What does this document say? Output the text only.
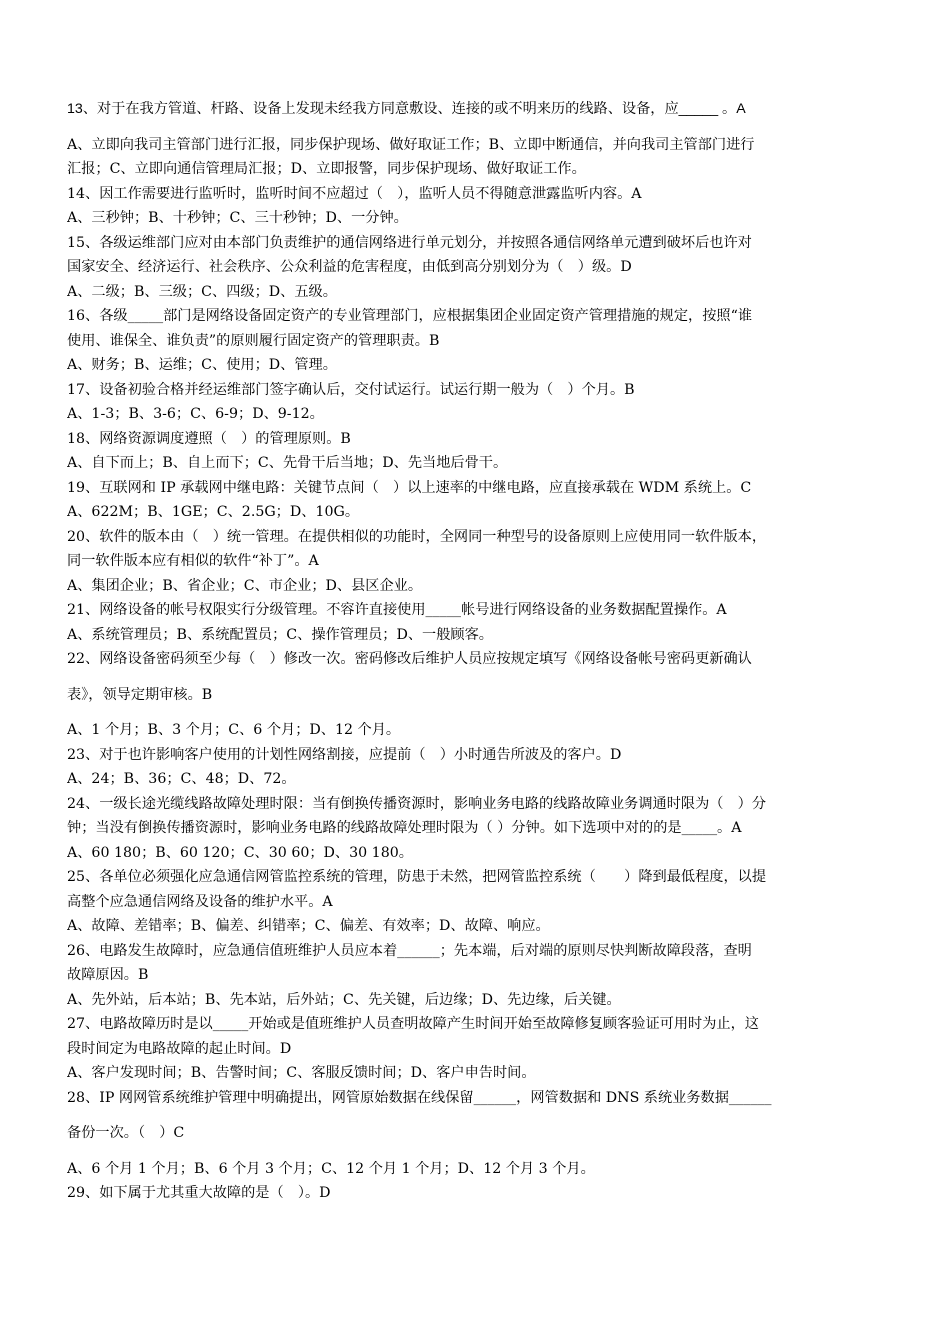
13、对于在我方管道、杆路、设备上发现未经我方同意敷设、连接的或不明来历的线路、设备，应_____ 。A
A、立即向我司主管部门进行汇报，同步保护现场、做好取证工作；B、立即中断通信，并向我司主管部门进行
汇报；C、立即向通信管理局汇报；D、立即报警，同步保护现场、做好取证工作。
14、因工作需要进行监听时，监听时间不应超过（　），监听人员不得随意泄露监听内容。A
A、三秒钟；B、十秒钟；C、三十秒钟；D、一分钟。
15、各级运维部门应对由本部门负责维护的通信网络进行单元划分，并按照各通信网络单元遭到破坏后也许对
国家安全、经济运行、社会秩序、公众利益的危害程度，由低到高分别划分为（　）级。D
A、二级；B、三级；C、四级；D、五级。
16、各级_____部门是网络设备固定资产的专业管理部门，应根据集团企业固定资产管理措施的规定，按照“谁
使用、谁保全、谁负责”的原则履行固定资产的管理职责。B
A、财务；B、运维；C、使用；D、管理。
17、设备初验合格并经运维部门签字确认后，交付试运行。试运行期一般为（　）个月。B
A、1-3；B、3-6；C、6-9；D、9-12。
18、网络资源调度遵照（　）的管理原则。B
A、自下而上；B、自上而下；C、先骨干后当地；D、先当地后骨干。
19、互联网和 IP 承载网中继电路：关键节点间（　）以上速率的中继电路，应直接承载在 WDM 系统上。C
A、622M；B、1GE；C、2.5G；D、10G。
20、软件的版本由（　）统一管理。在提供相似的功能时，全网同一种型号的设备原则上应使用同一软件版本，
同一软件版本应有相似的软件“补丁”。A
A、集团企业；B、省企业；C、市企业；D、县区企业。
21、网络设备的帐号权限实行分级管理。不容许直接使用_____帐号进行网络设备的业务数据配置操作。A
A、系统管理员；B、系统配置员；C、操作管理员；D、一般顾客。
22、网络设备密码须至少每（　）修改一次。密码修改后维护人员应按规定填写《网络设备帐号密码更新确认
表》，领导定期审核。B
A、1 个月；B、3 个月；C、6 个月；D、12 个月。
23、对于也许影响客户使用的计划性网络割接，应提前（　）小时通告所波及的客户。D
A、24；B、36；C、48；D、72。
24、一级长途光缆线路故障处理时限：当有倒换传播资源时，影响业务电路的线路故障业务调通时限为（　）分
钟；当没有倒换传播资源时，影响业务电路的线路故障处理时限为（ ）分钟。如下选项中对的的是_____。A
A、60 180；B、60 120；C、30 60；D、30 180。
25、各单位必须强化应急通信网管监控系统的管理，防患于未然，把网管监控系统（　　）降到最低程度，以提
高整个应急通信网络及设备的维护水平。A
A、故障、差错率；B、偏差、纠错率；C、偏差、有效率；D、故障、响应。
26、电路发生故障时，应急通信值班维护人员应本着______；先本端，后对端的原则尽快判断故障段落，查明
故障原因。B
A、先外站，后本站；B、先本站，后外站；C、先关键，后边缘；D、先边缘，后关键。
27、电路故障历时是以_____开始或是值班维护人员查明故障产生时间开始至故障修复顾客验证可用时为止，这
段时间定为电路故障的起止时间。D
A、客户发现时间；B、告警时间；C、客服反馈时间；D、客户申告时间。
28、IP 网网管系统维护管理中明确提出，网管原始数据在线保留______，网管数据和 DNS 系统业务数据______
备份一次。（　）C
A、6 个月 1 个月；B、6 个月 3 个月；C、12 个月 1 个月；D、12 个月 3 个月。
29、如下属于尤其重大故障的是（　）。D
